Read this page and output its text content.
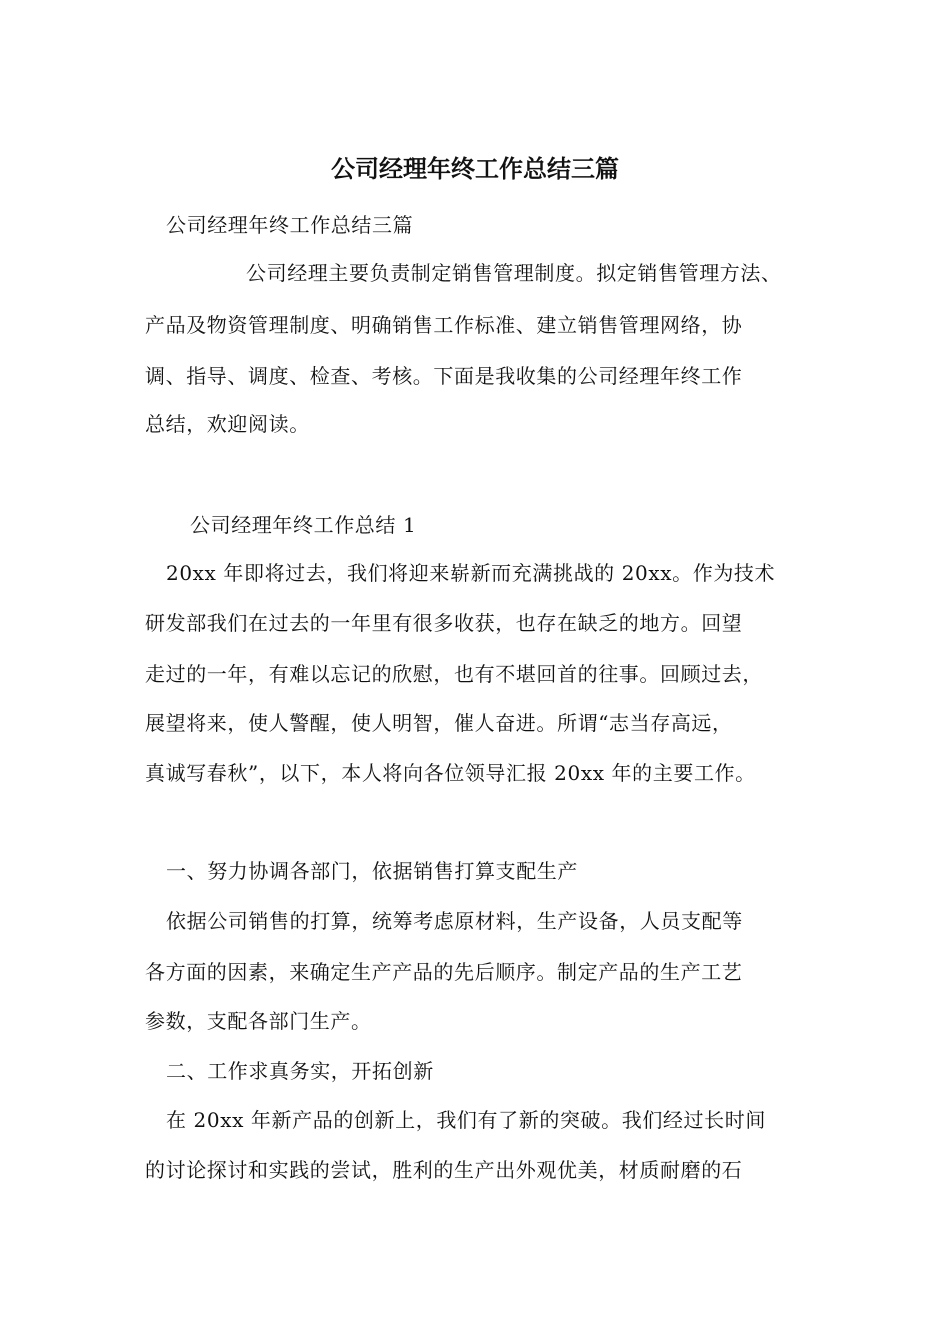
公司经理年终工作总结三篇
公司经理年终工作总结三篇
公司经理主要负责制定销售管理制度。拟定销售管理方法、
产品及物资管理制度、明确销售工作标准、建立销售管理网络，协
调、指导、调度、检查、考核。下面是我收集的公司经理年终工作
总结，欢迎阅读。
公司经理年终工作总结 1
20xx 年即将过去，我们将迎来崭新而充满挑战的 20xx。作为技术
研发部我们在过去的一年里有很多收获，也存在缺乏的地方。回望
走过的一年，有难以忘记的欣慰，也有不堪回首的往事。回顾过去，
展望将来，使人警醒，使人明智，催人奋进。所谓“志当存高远，
真诚写春秋”，以下，本人将向各位领导汇报 20xx 年的主要工作。
一、努力协调各部门，依据销售打算支配生产
依据公司销售的打算，统筹考虑原材料，生产设备，人员支配等
各方面的因素，来确定生产产品的先后顺序。制定产品的生产工艺
参数，支配各部门生产。
二、工作求真务实，开拓创新
在 20xx 年新产品的创新上，我们有了新的突破。我们经过长时间
的讨论探讨和实践的尝试，胜利的生产出外观优美，材质耐磨的石
